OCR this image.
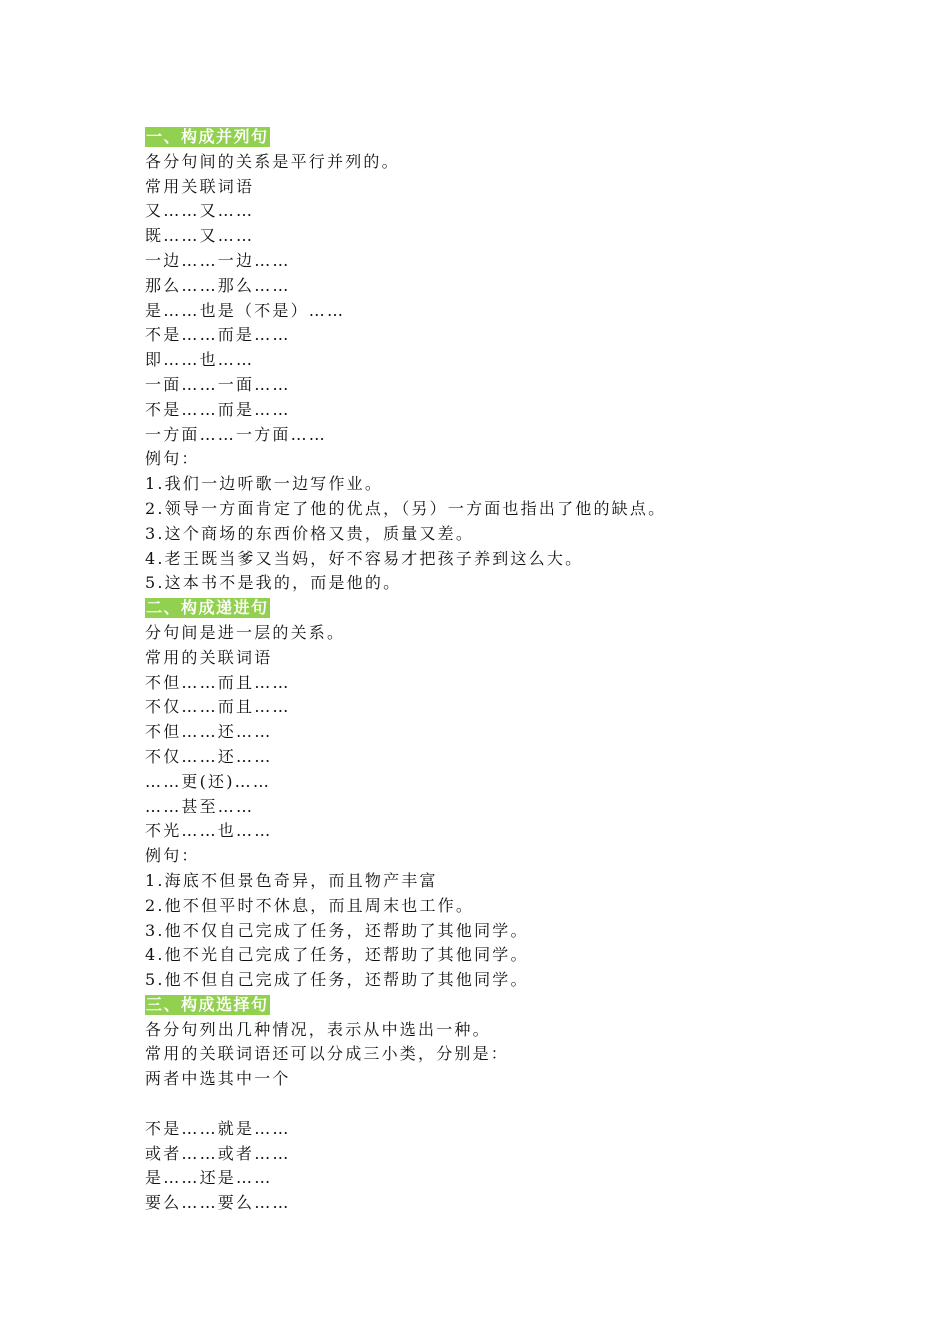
一、构成并列句
各分句间的关系是平行并列的。
常用关联词语
又……又……
既……又……
一边……一边……
那么……那么……
是……也是（不是）……
不是……而是……
即……也……
一面……一面……
不是……而是……
一方面……一方面……
例句：
1.我们一边听歌一边写作业。
2.领导一方面肯定了他的优点，（另）一方面也指出了他的缺点。
3.这个商场的东西价格又贵，质量又差。
4.老王既当爹又当妈，好不容易才把孩子养到这么大。
5.这本书不是我的，而是他的。
二、构成递进句
分句间是进一层的关系。
常用的关联词语
不但……而且……
不仅……而且……
不但……还……
不仅……还……
……更(还)……
……甚至……
不光……也……
例句：
1.海底不但景色奇异，而且物产丰富
2.他不但平时不休息，而且周末也工作。
3.他不仅自己完成了任务，还帮助了其他同学。
4.他不光自己完成了任务，还帮助了其他同学。
5.他不但自己完成了任务，还帮助了其他同学。
三、构成选择句
各分句列出几种情况，表示从中选出一种。
常用的关联词语还可以分成三小类，分别是：
两者中选其中一个
不是……就是……
或者……或者……
是……还是……
要么……要么……
